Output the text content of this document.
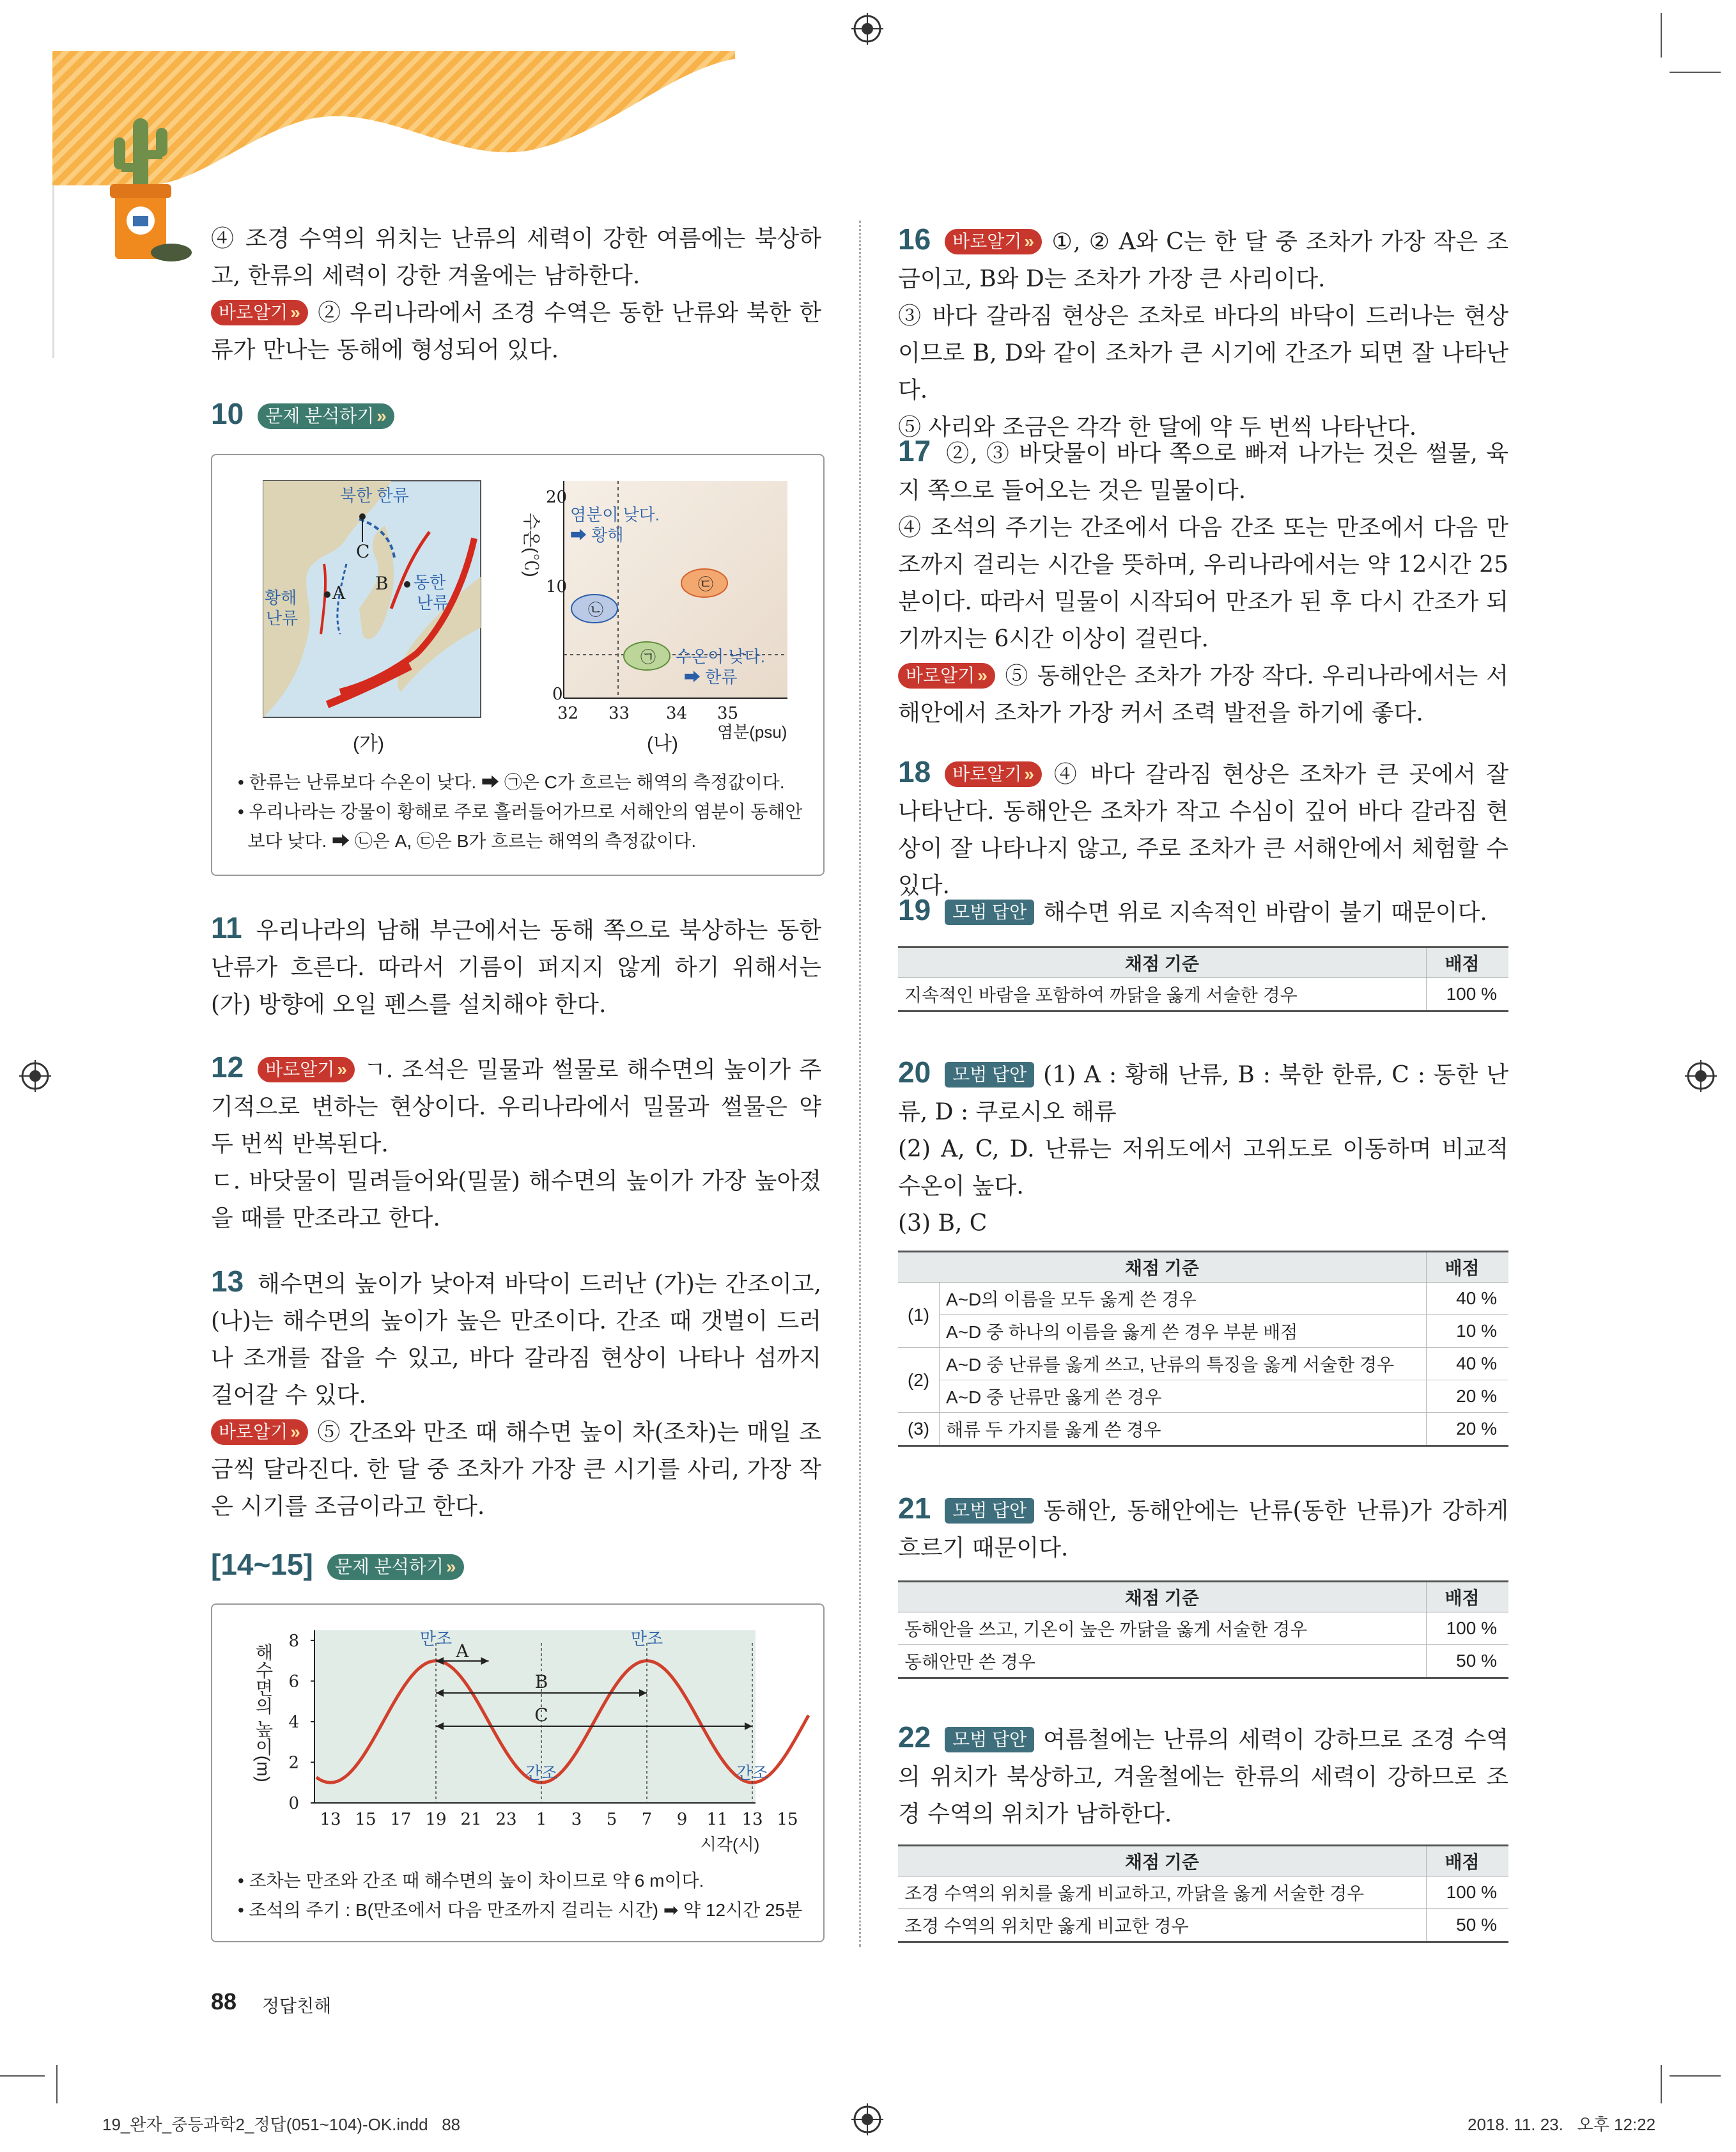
④ 조경 수역의 위치는 난류의 세력이 강한 여름에는 북상하고, 한류의 세력이 강한 겨울에는 남하한다.

바로알기 » ② 우리나라에서 조경 수역은 동한 난류와 북한 한류가 만나는 동해에 형성되어 있다.

10 문제 분석하기 »
북한 한류
C
B
A
황해
난류
동한
난류
(가)
수온(℃)
20
10
0
32 33 34 35
염분(psu)
염분이 낮다.
➡ 황해
㉡
㉢
㉠ 수온이 낮다.
➡ 한류
(나)
• 한류는 난류보다 수온이 낮다. ➡ ㉠은 C가 흐르는 해역의 측정값이다.
• 우리나라는 강물이 황해로 주로 흘러들어가므로 서해안의 염분이 동해안
보다 낮다. ➡ ㉡은 A, ㉢은 B가 흐르는 해역의 측정값이다.

11 우리나라의 남해 부근에서는 동해 쪽으로 북상하는 동한 난류가 흐른다. 따라서 기름이 퍼지지 않게 하기 위해서는 (가) 방향에 오일 펜스를 설치해야 한다.

12 바로알기 » ㄱ. 조석은 밀물과 썰물로 해수면의 높이가 주기적으로 변하는 현상이다. 우리나라에서 밀물과 썰물은 약 두 번씩 반복된다.

ㄷ. 바닷물이 밀려들어와(밀물) 해수면의 높이가 가장 높아졌을 때를 만조라고 한다.

13 해수면의 높이가 낮아져 바닥이 드러난 (가)는 간조이고, (나)는 해수면의 높이가 높은 만조이다. 간조 때 갯벌이 드러나 조개를 잡을 수 있고, 바다 갈라짐 현상이 나타나 섬까지 걸어갈 수 있다.

바로알기 » ⑤ 간조와 만조 때 해수면 높이 차(조차)는 매일 조금씩 달라진다. 한 달 중 조차가 가장 큰 시기를 사리, 가장 작은 시기를 조금이라고 한다.

[14~15] 문제 분석하기 »
0
2
4
6
8
13 15 17 19 21 23 1 3 5 7 9 11 13 15
시각(시)
해수면의 높이(m)
만조	만조
간조	간조
A
B
C
• 조차는 만조와 간조 때 해수면의 높이 차이므로 약 6 m이다.
• 조석의 주기 : B(만조에서 다음 만조까지 걸리는 시간) ➡ 약 12시간 25분
88 정답친해

16 바로알기 » ①, ② A와 C는 한 달 중 조차가 가장 작은 조금이고, B와 D는 조차가 가장 큰 사리이다.

③ 바다 갈라짐 현상은 조차로 바다의 바닥이 드러나는 현상이므로 B, D와 같이 조차가 큰 시기에 간조가 되면 잘 나타난다.

⑤ 사리와 조금은 각각 한 달에 약 두 번씩 나타난다.

17 ②, ③ 바닷물이 바다 쪽으로 빠져 나가는 것은 썰물, 육지 쪽으로 들어오는 것은 밀물이다.

④ 조석의 주기는 간조에서 다음 간조 또는 만조에서 다음 만조까지 걸리는 시간을 뜻하며, 우리나라에서는 약 12시간 25분이다. 따라서 밀물이 시작되어 만조가 된 후 다시 간조가 되기까지는 6시간 이상이 걸린다.

바로알기 » ⑤ 동해안은 조차가 가장 작다. 우리나라에서는 서해안에서 조차가 가장 커서 조력 발전을 하기에 좋다.

18 바로알기 » ④ 바다 갈라짐 현상은 조차가 큰 곳에서 잘 나타난다. 동해안은 조차가 작고 수심이 깊어 바다 갈라짐 현상이 잘 나타나지 않고, 주로 조차가 큰 서해안에서 체험할 수 있다.

19 모범 답안 해수면 위로 지속적인 바람이 불기 때문이다.

채점 기준	배점
지속적인 바람을 포함하여 까닭을 옳게 서술한 경우	100 %

20 모범 답안 (1) A : 황해 난류, B : 북한 한류, C : 동한 난류, D : 쿠로시오 해류

(2) A, C, D. 난류는 저위도에서 고위도로 이동하며 비교적 수온이 높다.

(3) B, C

채점 기준		배점
(1)	A~D의 이름을 모두 옳게 쓴 경우	40 %
	A~D 중 하나의 이름을 옳게 쓴 경우 부분 배점	10 %
(2)	A~D 중 난류를 옳게 쓰고, 난류의 특징을 옳게 서술한 경우	40 %
	A~D 중 난류만 옳게 쓴 경우	20 %
(3)	해류 두 가지를 옳게 쓴 경우	20 %

21 모범 답안 동해안, 동해안에는 난류(동한 난류)가 강하게 흐르기 때문이다.

채점 기준	배점
동해안을 쓰고, 기온이 높은 까닭을 옳게 서술한 경우	100 %
동해안만 쓴 경우	50 %

22 모범 답안 여름철에는 난류의 세력이 강하므로 조경 수역의 위치가 북상하고, 겨울철에는 한류의 세력이 강하므로 조경 수역의 위치가 남하한다.

채점 기준	배점
조경 수역의 위치를 옳게 비교하고, 까닭을 옳게 서술한 경우	100 %
조경 수역의 위치만 옳게 비교한 경우	50 %
19_완자_중등과학2_정답(051~104)-OK.indd   88	2018. 11. 23.   오후 12:22
